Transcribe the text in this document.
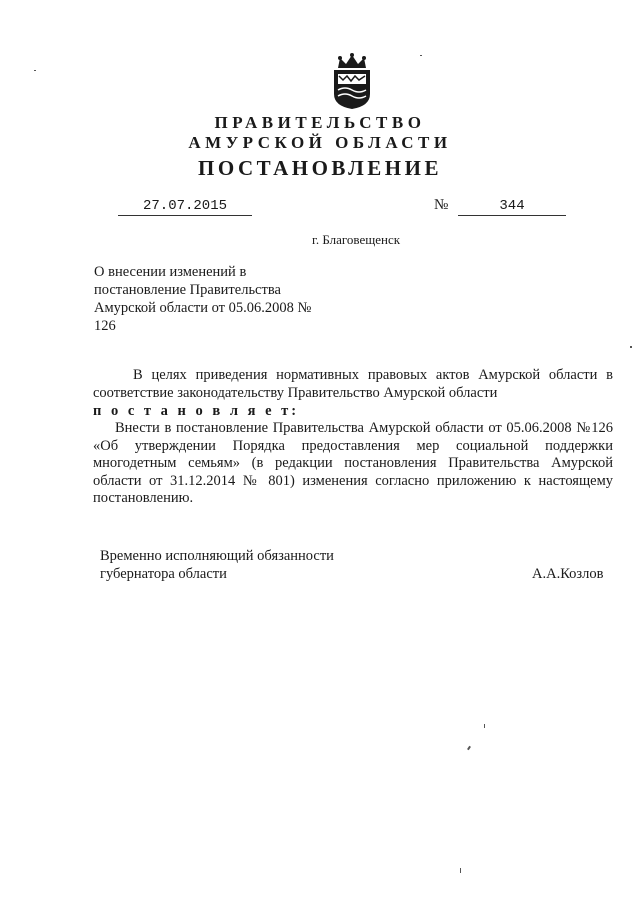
ПРАВИТЕЛЬСТВО
АМУРСКОЙ ОБЛАСТИ
ПОСТАНОВЛЕНИЕ
27.07.2015	№	344
г. Благовещенск
О внесении изменений в постановление Правительства Амурской области от 05.06.2008 № 126
В целях приведения нормативных правовых актов Амурской области в соответствие законодательству Правительство Амурской области
п о с т а н о в л я е т:
Внести в постановление Правительства Амурской области от 05.06.2008 №126 «Об утверждении Порядка предоставления мер социальной поддержки многодетным семьям» (в редакции постановления Правительства Амурской области от 31.12.2014 № 801) изменения согласно приложению к настоящему постановлению.
Временно исполняющий обязанности губернатора области	А.А.Козлов
